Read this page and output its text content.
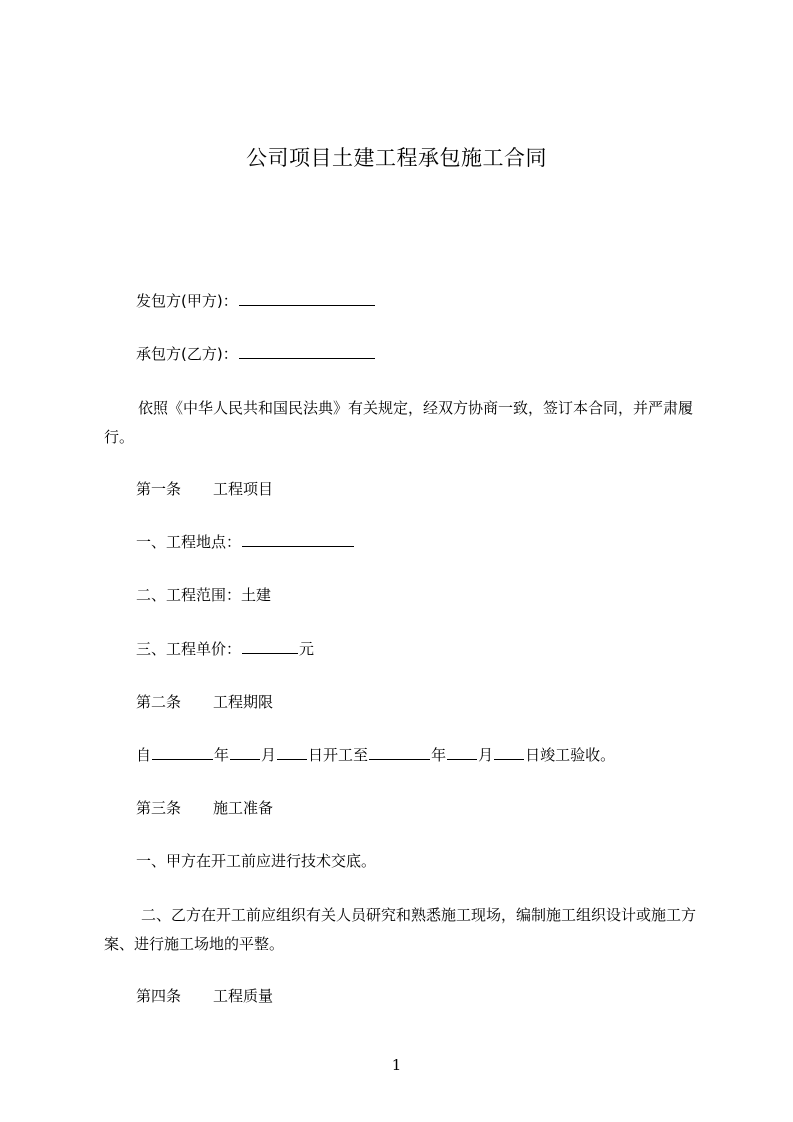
公司项目土建工程承包施工合同
发包方(甲方)：
承包方(乙方)：
依照《中华人民共和国民法典》有关规定，经双方协商一致，签订本合同，并严肃履行。
第一条 工程项目
一、工程地点：
二、工程范围：土建
三、工程单价：	元
第二条 工程期限
自	年 月 日开工至	年 月 日竣工验收。
第三条 施工准备
一、甲方在开工前应进行技术交底。
二、乙方在开工前应组织有关人员研究和熟悉施工现场，编制施工组织设计或施工方案、进行施工场地的平整。
第四条 工程质量
1
